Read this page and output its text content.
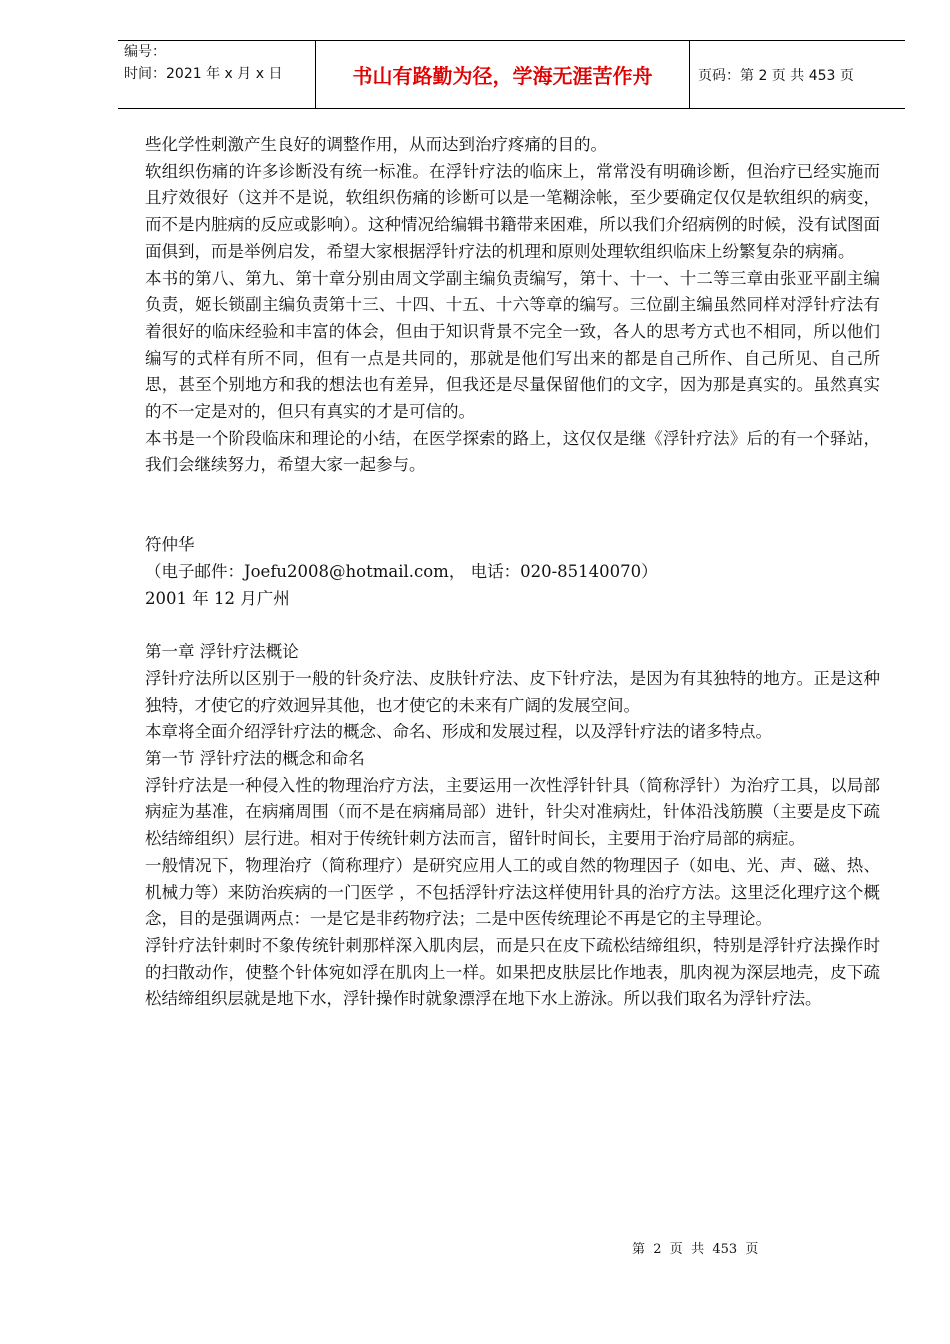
编号：
时间：2021 年 x 月 x 日	书山有路勤为径，学海无涯苦作舟	页码：第 2 页 共 453 页

些化学性刺激产生良好的调整作用，从而达到治疗疼痛的目的。

软组织伤痛的许多诊断没有统一标准。在浮针疗法的临床上，常常没有明确诊断，但治疗已经实施而且疗效很好（这并不是说，软组织伤痛的诊断可以是一笔糊涂帐，至少要确定仅仅是软组织的病变，而不是内脏病的反应或影响）。这种情况给编辑书籍带来困难，所以我们介绍病例的时候，没有试图面面俱到，而是举例启发，希望大家根据浮针疗法的机理和原则处理软组织临床上纷繁复杂的病痛。

本书的第八、第九、第十章分别由周文学副主编负责编写，第十、十一、十二等三章由张亚平副主编负责，姬长锁副主编负责第十三、十四、十五、十六等章的编写。三位副主编虽然同样对浮针疗法有着很好的临床经验和丰富的体会，但由于知识背景不完全一致，各人的思考方式也不相同，所以他们编写的式样有所不同，但有一点是共同的，那就是他们写出来的都是自己所作、自己所见、自己所思，甚至个别地方和我的想法也有差异，但我还是尽量保留他们的文字，因为那是真实的。虽然真实的不一定是对的，但只有真实的才是可信的。

本书是一个阶段临床和理论的小结，在医学探索的路上，这仅仅是继《浮针疗法》后的有一个驿站，我们会继续努力，希望大家一起参与。

符仲华

（电子邮件：Joefu2008@hotmail.com， 电话：020-85140070）

2001 年 12 月广州

第一章 浮针疗法概论

浮针疗法所以区别于一般的针灸疗法、皮肤针疗法、皮下针疗法，是因为有其独特的地方。正是这种独特，才使它的疗效迥异其他，也才使它的未来有广阔的发展空间。

本章将全面介绍浮针疗法的概念、命名、形成和发展过程，以及浮针疗法的诸多特点。

第一节 浮针疗法的概念和命名

浮针疗法是一种侵入性的物理治疗方法，主要运用一次性浮针针具（简称浮针）为治疗工具，以局部病症为基准，在病痛周围（而不是在病痛局部）进针，针尖对准病灶，针体沿浅筋膜（主要是皮下疏松结缔组织）层行进。相对于传统针刺方法而言，留针时间长，主要用于治疗局部的病症。

一般情况下，物理治疗（简称理疗）是研究应用人工的或自然的物理因子（如电、光、声、磁、热、机械力等）来防治疾病的一门医学 ，不包括浮针疗法这样使用针具的治疗方法。这里泛化理疗这个概念，目的是强调两点：一是它是非药物疗法；二是中医传统理论不再是它的主导理论。

浮针疗法针刺时不象传统针刺那样深入肌肉层，而是只在皮下疏松结缔组织，特别是浮针疗法操作时的扫散动作，使整个针体宛如浮在肌肉上一样。如果把皮肤层比作地表，肌肉视为深层地壳，皮下疏松结缔组织层就是地下水，浮针操作时就象漂浮在地下水上游泳。所以我们取名为浮针疗法。

第  2  页  共  453  页
